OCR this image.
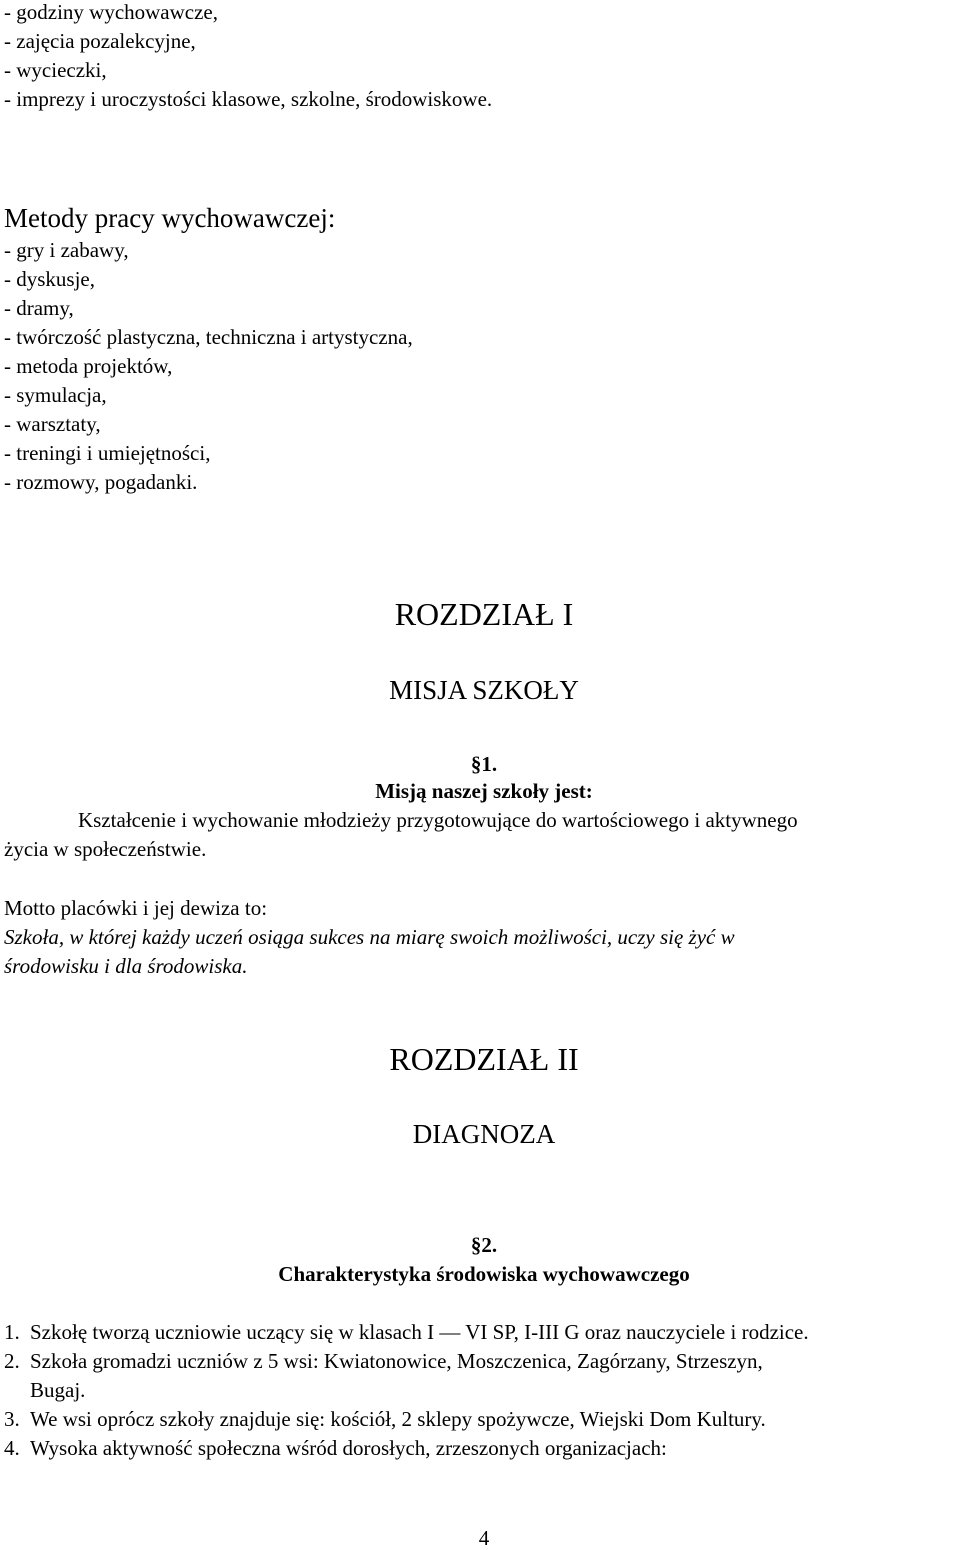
- godziny wychowawcze,
- zajęcia pozalekcyjne,
- wycieczki,
- imprezy i uroczystości klasowe, szkolne, środowiskowe.
Metody pracy wychowawczej:
- gry i zabawy,
- dyskusje,
- dramy,
- twórczość plastyczna, techniczna i artystyczna,
- metoda projektów,
- symulacja,
- warsztaty,
- treningi i umiejętności,
- rozmowy, pogadanki.
ROZDZIAŁ I
MISJA SZKOŁY
§1.
Misją naszej szkoły jest:
Kształcenie i wychowanie młodzieży przygotowujące do wartościowego i aktywnego
życia w społeczeństwie.
Motto placówki i jej dewiza to:
Szkoła, w której każdy uczeń osiąga sukces na miarę swoich możliwości, uczy się żyć w
środowisku i dla środowiska.
ROZDZIAŁ II
DIAGNOZA
§2.
Charakterystyka środowiska wychowawczego
1. Szkołę tworzą uczniowie uczący się w klasach I — VI SP, I-III G oraz nauczyciele i rodzice.
2. Szkoła gromadzi uczniów z 5 wsi: Kwiatonowice, Moszczenica, Zagórzany, Strzeszyn,
Bugaj.
3. We wsi oprócz szkoły znajduje się: kościół, 2 sklepy spożywcze, Wiejski Dom Kultury.
4. Wysoka aktywność społeczna wśród dorosłych, zrzeszonych organizacjach:
4
